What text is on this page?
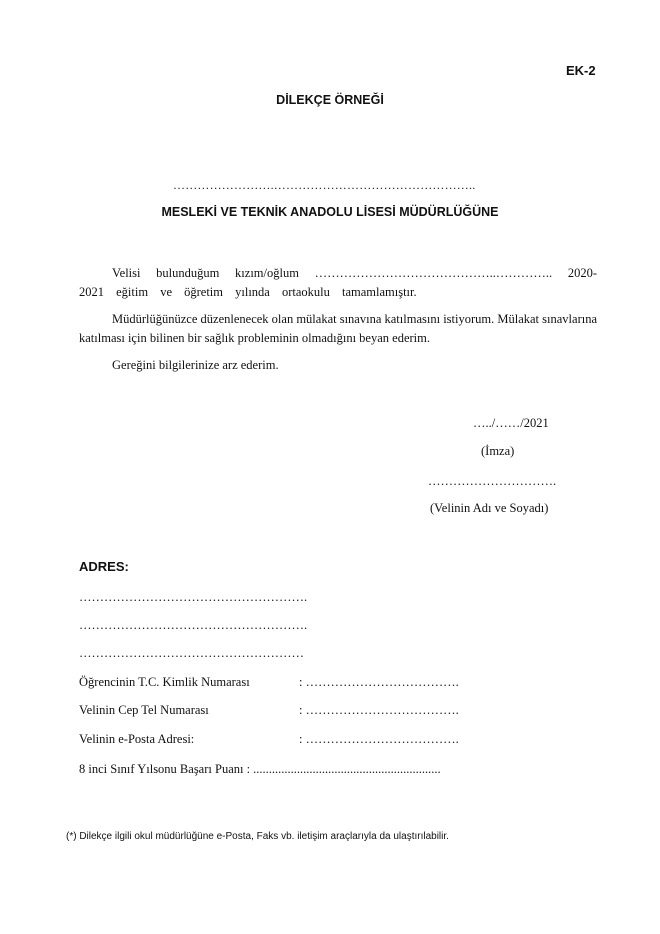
EK-2
DİLEKÇE ÖRNEĞİ
…………………….…………………………………………..
MESLEKİ VE TEKNİK ANADOLU LİSESİ MÜDÜRLÜĞÜNE
Velisi bulunduğum kızım/oğlum ……………………………………..………….. 2020-2021 eğitim ve öğretim yılında ortaokulu tamamlamıştır.
Müdürlüğünüzce düzenlenecek olan mülakat sınavına katılmasını istiyorum. Mülakat sınavlarına katılması için bilinen bir sağlık probleminin olmadığını beyan ederim.
Gereğini bilgilerinize arz ederim.
…../……/2021
(İmza)
………………………….
(Velinin Adı ve Soyadı)
ADRES:
……………………………………………….
……………………………………………….
………………………………………………
Öğrencinin T.C. Kimlik Numarası	: ……………………………….
Velinin Cep Tel Numarası	: ……………………………….
Velinin e-Posta Adresi:	: ……………………………….
8 inci Sınıf Yılsonu Başarı Puanı : ............................................................
(*) Dilekçe ilgili okul müdürlüğüne e-Posta, Faks vb. iletişim araçlarıyla da ulaştırılabilir.
